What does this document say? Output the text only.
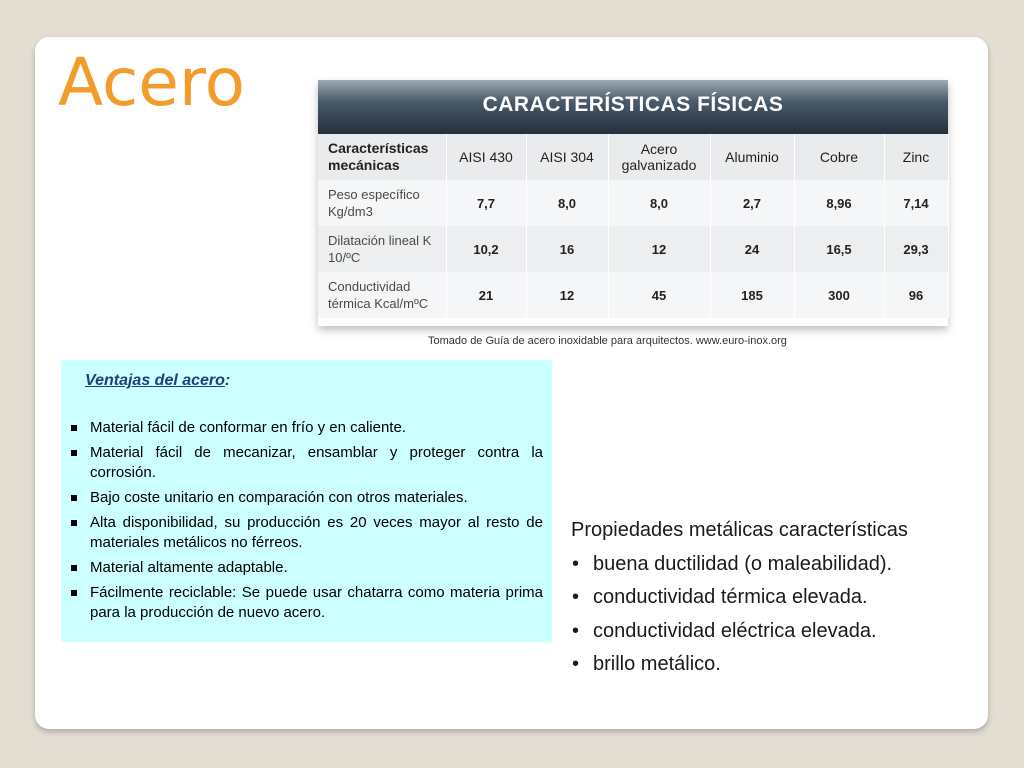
Acero	CARACTERÍSTICAS FÍSICAS
Características mecánicas	AISI 430	AISI 304	Acero galvanizado	Aluminio	Cobre	Zinc
Peso específico Kg/dm3	7,7	8,0	8,0	2,7	8,96	7,14
Dilatación lineal K 10/ºC	10,2	16	12	24	16,5	29,3
Conductividad térmica Kcal/mºC	21	12	45	185	300	96
Tomado de Guía de acero inoxidable para arquitectos. www.euro-inox.org
Ventajas del acero:
Material fácil de conformar en frío y en caliente.
Material fácil de mecanizar, ensamblar y proteger contra la corrosión.
Bajo coste unitario en comparación con otros materiales.
Alta disponibilidad, su producción es 20 veces mayor al resto de materiales metálicos no férreos.
Material altamente adaptable.
Fácilmente reciclable: Se puede usar chatarra como materia prima para la producción de nuevo acero.

Propiedades metálicas características

• buena ductilidad (o maleabilidad).
• conductividad térmica elevada.
• conductividad eléctrica elevada.
• brillo metálico.
